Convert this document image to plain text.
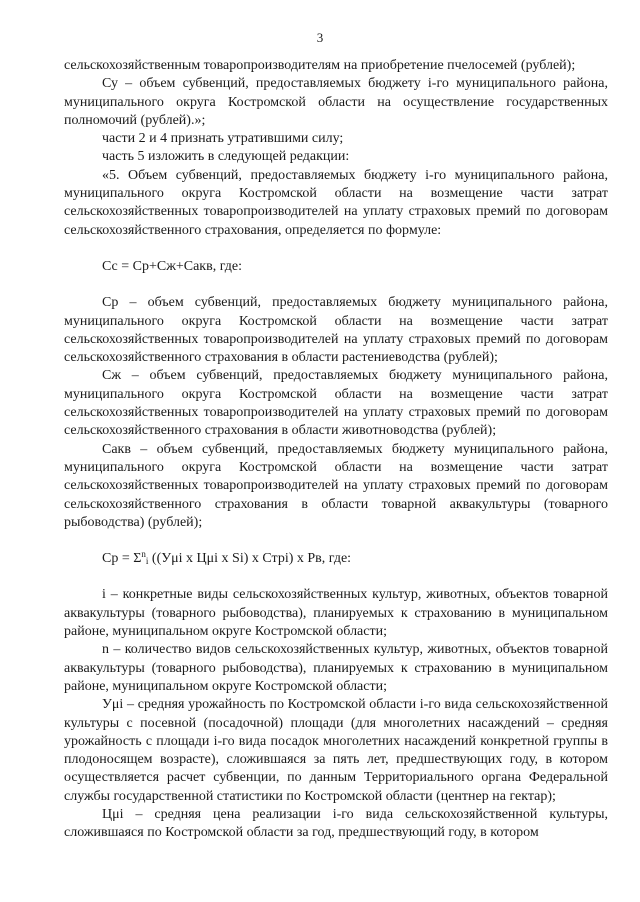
3

сельскохозяйственным товаропроизводителям на приобретение пчелосемей (рублей);

Су – объем субвенций, предоставляемых бюджету i-го муниципального района, муниципального округа Костромской области на осуществление государственных полномочий (рублей).»;

части 2 и 4 признать утратившими силу;

часть 5 изложить в следующей редакции:

«5. Объем субвенций, предоставляемых бюджету i-го муниципального района, муниципального округа Костромской области на возмещение части затрат сельскохозяйственных товаропроизводителей на уплату страховых премий по договорам сельскохозяйственного страхования, определяется по формуле:

Сс = Ср+Сж+Сакв, где:

Ср – объем субвенций, предоставляемых бюджету муниципального района, муниципального округа Костромской области на возмещение части затрат сельскохозяйственных товаропроизводителей на уплату страховых премий по договорам сельскохозяйственного страхования в области растениеводства (рублей);

Сж – объем субвенций, предоставляемых бюджету муниципального района, муниципального округа Костромской области на возмещение части затрат сельскохозяйственных товаропроизводителей на уплату страховых премий по договорам сельскохозяйственного страхования в области животноводства (рублей);

Сакв – объем субвенций, предоставляемых бюджету муниципального района, муниципального округа Костромской области на возмещение части затрат сельскохозяйственных товаропроизводителей на уплату страховых премий по договорам сельскохозяйственного страхования в области товарной аквакультуры (товарного рыбоводства) (рублей);

Ср = $\Sigma^n_i$ ((Уμi х Цμi х Si) х Стрi) х Рв, где:

i – конкретные виды сельскохозяйственных культур, животных, объектов товарной аквакультуры (товарного рыбоводства), планируемых к страхованию в муниципальном районе, муниципальном округе Костромской области;

n – количество видов сельскохозяйственных культур, животных, объектов товарной аквакультуры (товарного рыбоводства), планируемых к страхованию в муниципальном районе, муниципальном округе Костромской области;

Уμi – средняя урожайность по Костромской области i-го вида сельскохозяйственной культуры с посевной (посадочной) площади (для многолетних насаждений – средняя урожайность с площади i-го вида посадок многолетних насаждений конкретной группы в плодоносящем возрасте), сложившаяся за пять лет, предшествующих году, в котором осуществляется расчет субвенции, по данным Территориального органа Федеральной службы государственной статистики по Костромской области (центнер на гектар);

Цμi – средняя цена реализации i-го вида сельскохозяйственной культуры, сложившаяся по Костромской области за год, предшествующий году, в котором
